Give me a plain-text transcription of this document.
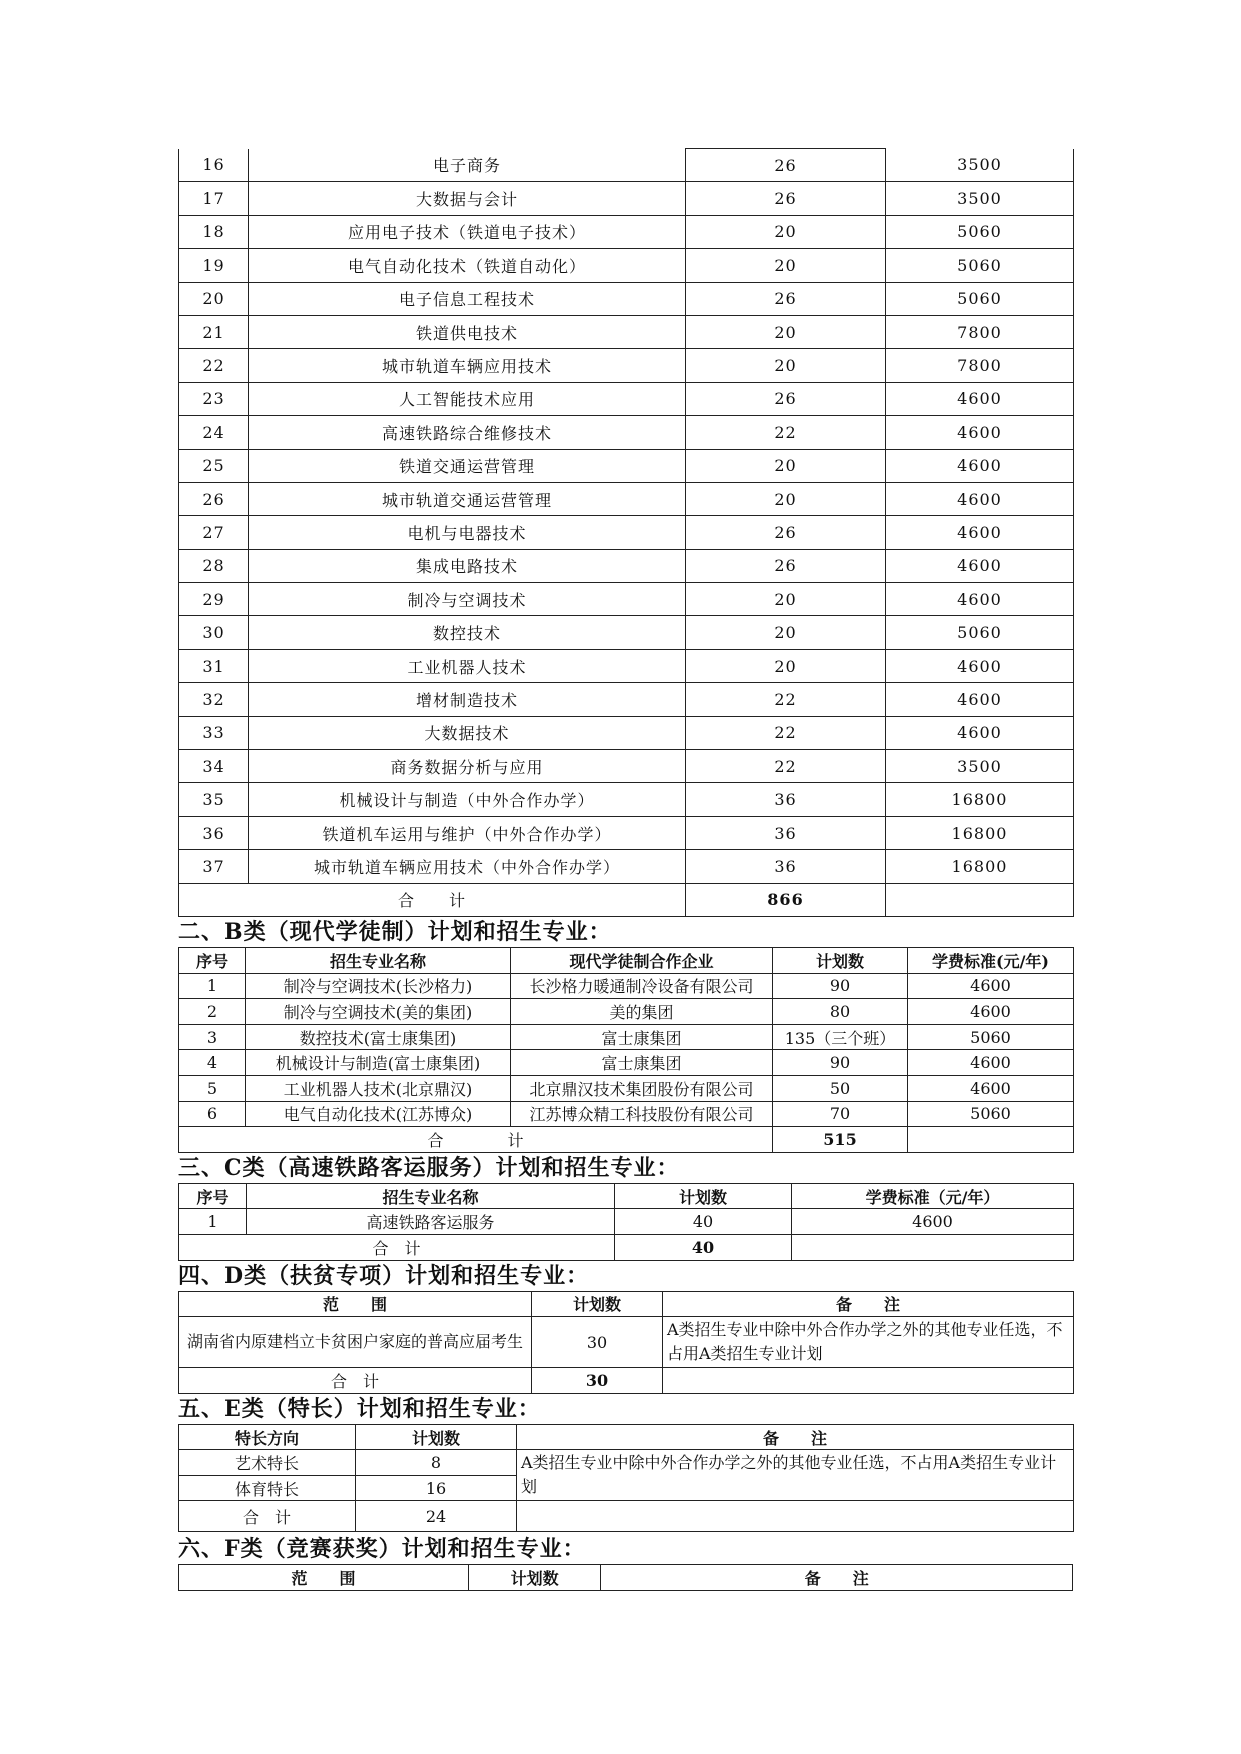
16	电子商务	26	3500
17	大数据与会计	26	3500
18	应用电子技术（铁道电子技术）	20	5060
19	电气自动化技术（铁道自动化）	20	5060
20	电子信息工程技术	26	5060
21	铁道供电技术	20	7800
22	城市轨道车辆应用技术	20	7800
23	人工智能技术应用	26	4600
24	高速铁路综合维修技术	22	4600
25	铁道交通运营管理	20	4600
26	城市轨道交通运营管理	20	4600
27	电机与电器技术	26	4600
28	集成电路技术	26	4600
29	制冷与空调技术	20	4600
30	数控技术	20	5060
31	工业机器人技术	20	4600
32	增材制造技术	22	4600
33	大数据技术	22	4600
34	商务数据分析与应用	22	3500
35	机械设计与制造（中外合作办学）	36	16800
36	铁道机车运用与维护（中外合作办学）	36	16800
37	城市轨道车辆应用技术（中外合作办学）	36	16800
合　　计		866	
二、B类（现代学徒制）计划和招生专业：
序号	招生专业名称	现代学徒制合作企业	计划数	学费标准(元/年)
1	制冷与空调技术(长沙格力)	长沙格力暖通制冷设备有限公司	90	4600
2	制冷与空调技术(美的集团)	美的集团	80	4600
3	数控技术(富士康集团)	富士康集团	135（三个班）	5060
4	机械设计与制造(富士康集团)	富士康集团	90	4600
5	工业机器人技术(北京鼎汉)	北京鼎汉技术集团股份有限公司	50	4600
6	电气自动化技术(江苏博众)	江苏博众精工科技股份有限公司	70	5060
合　　　　计			515	
三、C类（高速铁路客运服务）计划和招生专业：
序号	招生专业名称	计划数	学费标准（元/年）
1	高速铁路客运服务	40	4600
合　计		40	
四、D类（扶贫专项）计划和招生专业：
范　　围	计划数	备　　注
湖南省内原建档立卡贫困户家庭的普高应届考生	30	A类招生专业中除中外合作办学之外的其他专业任选，不占用A类招生专业计划
合　计	30	
五、E类（特长）计划和招生专业：
特长方向	计划数	备　　注
艺术特长	8	A类招生专业中除中外合作办学之外的其他专业任选，不占用A类招生专业计划
体育特长	16	
合　计	24	
六、F类（竞赛获奖）计划和招生专业：
范　　围	计划数	备　　注
